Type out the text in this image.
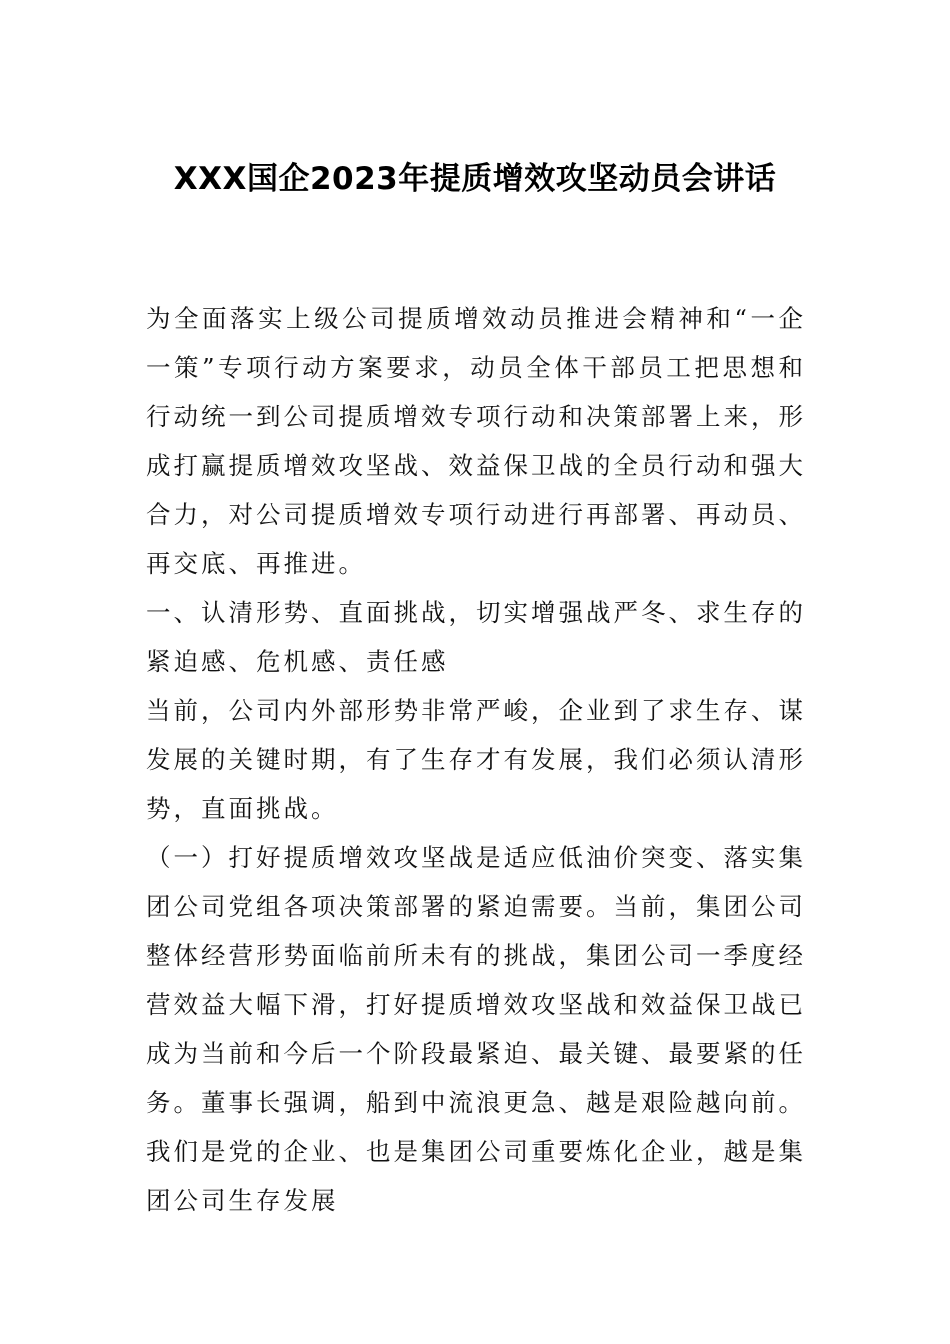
XXX国企2023年提质增效攻坚动员会讲话

为全面落实上级公司提质增效动员推进会精神和“一企一策”专项行动方案要求，动员全体干部员工把思想和行动统一到公司提质增效专项行动和决策部署上来，形成打赢提质增效攻坚战、效益保卫战的全员行动和强大合力，对公司提质增效专项行动进行再部署、再动员、再交底、再推进。

一、认清形势、直面挑战，切实增强战严冬、求生存的紧迫感、危机感、责任感

当前，公司内外部形势非常严峻，企业到了求生存、谋发展的关键时期，有了生存才有发展，我们必须认清形势，直面挑战。

（一）打好提质增效攻坚战是适应低油价突变、落实集团公司党组各项决策部署的紧迫需要。当前，集团公司整体经营形势面临前所未有的挑战，集团公司一季度经营效益大幅下滑，打好提质增效攻坚战和效益保卫战已成为当前和今后一个阶段最紧迫、最关键、最要紧的任务。董事长强调，船到中流浪更急、越是艰险越向前。我们是党的企业、也是集团公司重要炼化企业，越是集团公司生存发展
